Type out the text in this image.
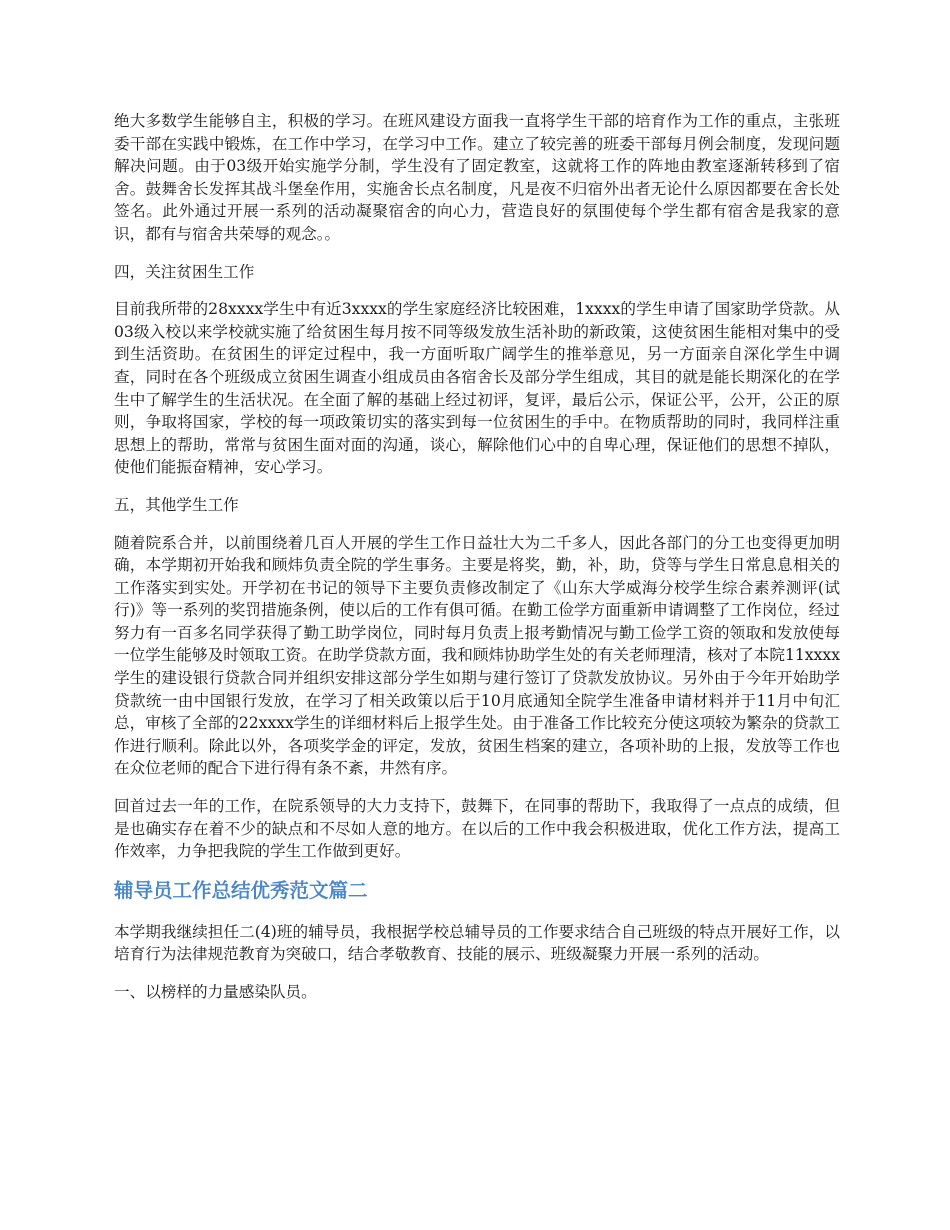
绝大多数学生能够自主，积极的学习。在班风建设方面我一直将学生干部的培育作为工作的重点，主张班委干部在实践中锻炼，在工作中学习，在学习中工作。建立了较完善的班委干部每月例会制度，发现问题解决问题。由于03级开始实施学分制，学生没有了固定教室，这就将工作的阵地由教室逐渐转移到了宿舍。鼓舞舍长发挥其战斗堡垒作用，实施舍长点名制度，凡是夜不归宿外出者无论什么原因都要在舍长处签名。此外通过开展一系列的活动凝聚宿舍的向心力，营造良好的氛围使每个学生都有宿舍是我家的意识，都有与宿舍共荣辱的观念。。

四，关注贫困生工作

目前我所带的28xxxx学生中有近3xxxx的学生家庭经济比较困难，1xxxx的学生申请了国家助学贷款。从03级入校以来学校就实施了给贫困生每月按不同等级发放生活补助的新政策，这使贫困生能相对集中的受到生活资助。在贫困生的评定过程中，我一方面听取广阔学生的推举意见，另一方面亲自深化学生中调查，同时在各个班级成立贫困生调查小组成员由各宿舍长及部分学生组成，其目的就是能长期深化的在学生中了解学生的生活状况。在全面了解的基础上经过初评，复评，最后公示，保证公平，公开，公正的原则，争取将国家，学校的每一项政策切实的落实到每一位贫困生的手中。在物质帮助的同时，我同样注重思想上的帮助，常常与贫困生面对面的沟通，谈心，解除他们心中的自卑心理，保证他们的思想不掉队，使他们能振奋精神，安心学习。

五，其他学生工作

随着院系合并，以前围绕着几百人开展的学生工作日益壮大为二千多人，因此各部门的分工也变得更加明确，本学期初开始我和顾炜负责全院的学生事务。主要是将奖，勤，补，助，贷等与学生日常息息相关的工作落实到实处。开学初在书记的领导下主要负责修改制定了《山东大学威海分校学生综合素养测评(试行)》等一系列的奖罚措施条例，使以后的工作有俱可循。在勤工俭学方面重新申请调整了工作岗位，经过努力有一百多名同学获得了勤工助学岗位，同时每月负责上报考勤情况与勤工俭学工资的领取和发放使每一位学生能够及时领取工资。在助学贷款方面，我和顾炜协助学生处的有关老师理清，核对了本院11xxxx学生的建设银行贷款合同并组织安排这部分学生如期与建行签订了贷款发放协议。另外由于今年开始助学贷款统一由中国银行发放，在学习了相关政策以后于10月底通知全院学生准备申请材料并于11月中旬汇总，审核了全部的22xxxx学生的详细材料后上报学生处。由于准备工作比较充分使这项较为繁杂的贷款工作进行顺利。除此以外，各项奖学金的评定，发放，贫困生档案的建立，各项补助的上报，发放等工作也在众位老师的配合下进行得有条不紊，井然有序。

回首过去一年的工作，在院系领导的大力支持下，鼓舞下，在同事的帮助下，我取得了一点点的成绩，但是也确实存在着不少的缺点和不尽如人意的地方。在以后的工作中我会积极进取，优化工作方法，提高工作效率，力争把我院的学生工作做到更好。

辅导员工作总结优秀范文篇二

本学期我继续担任二(4)班的辅导员，我根据学校总辅导员的工作要求结合自己班级的特点开展好工作，以培育行为法律规范教育为突破口，结合孝敬教育、技能的展示、班级凝聚力开展一系列的活动。

一、以榜样的力量感染队员。
